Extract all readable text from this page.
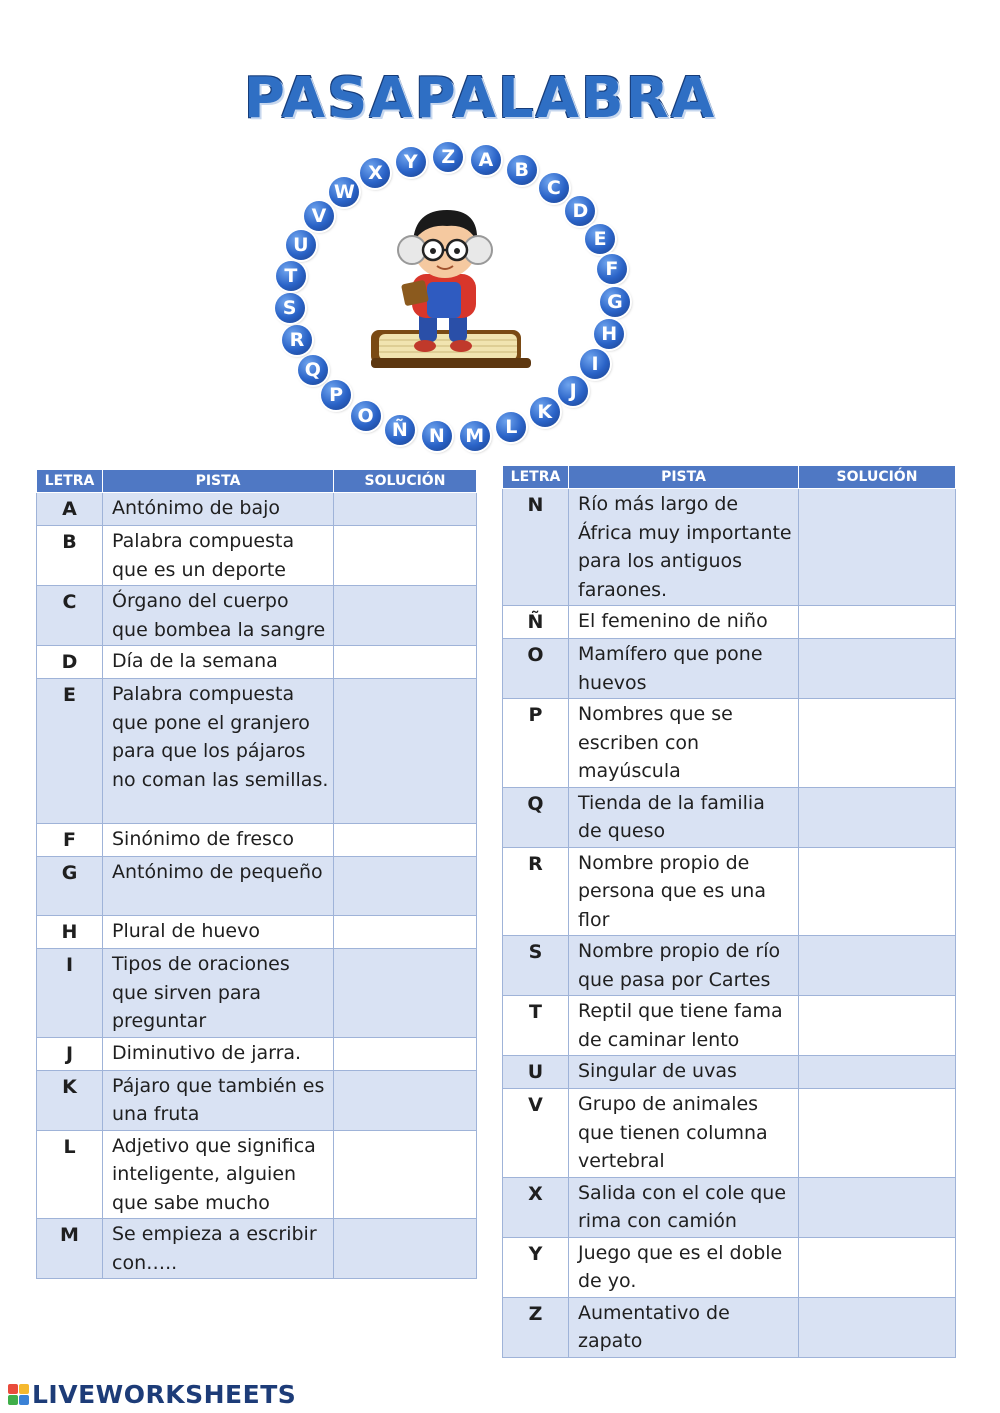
PASAPALABRA
A	B
C
D
E
F
G
H
I
J
K
L
M
N
Ñ
O
P
Q
R
S
T
U
V
W
X
Y	Z
LETRA	PISTA	SOLUCIÓN
A	Antónimo de bajo	
B	Palabra compuesta que es un deporte	
C	Órgano del cuerpo que bombea la sangre	
D	Día de la semana	
E	Palabra compuesta que pone el granjero para que los pájaros no coman las semillas.	
F	Sinónimo de fresco	
G	Antónimo de pequeño	
H	Plural de huevo	
I	Tipos de oraciones que sirven para preguntar	
J	Diminutivo de jarra.	
K	Pájaro que también es una fruta	
L	Adjetivo que significa inteligente, alguien que sabe mucho	
M	Se empieza a escribir con…..	
LETRA	PISTA	SOLUCIÓN
N	Río más largo de África muy importante para los antiguos faraones.	
Ñ	El femenino de niño	
O	Mamífero que pone huevos	
P	Nombres que se escriben con mayúscula	
Q	Tienda de la familia de queso	
R	Nombre propio de persona que es una flor	
S	Nombre propio de río que pasa por Cartes	
T	Reptil que tiene fama de caminar lento	
U	Singular de uvas	
V	Grupo de animales que tienen columna vertebral	
X	Salida con el cole que rima con camión	
Y	Juego que es el doble de yo.	
Z	Aumentativo de zapato	
LIVEWORKSHEETS
